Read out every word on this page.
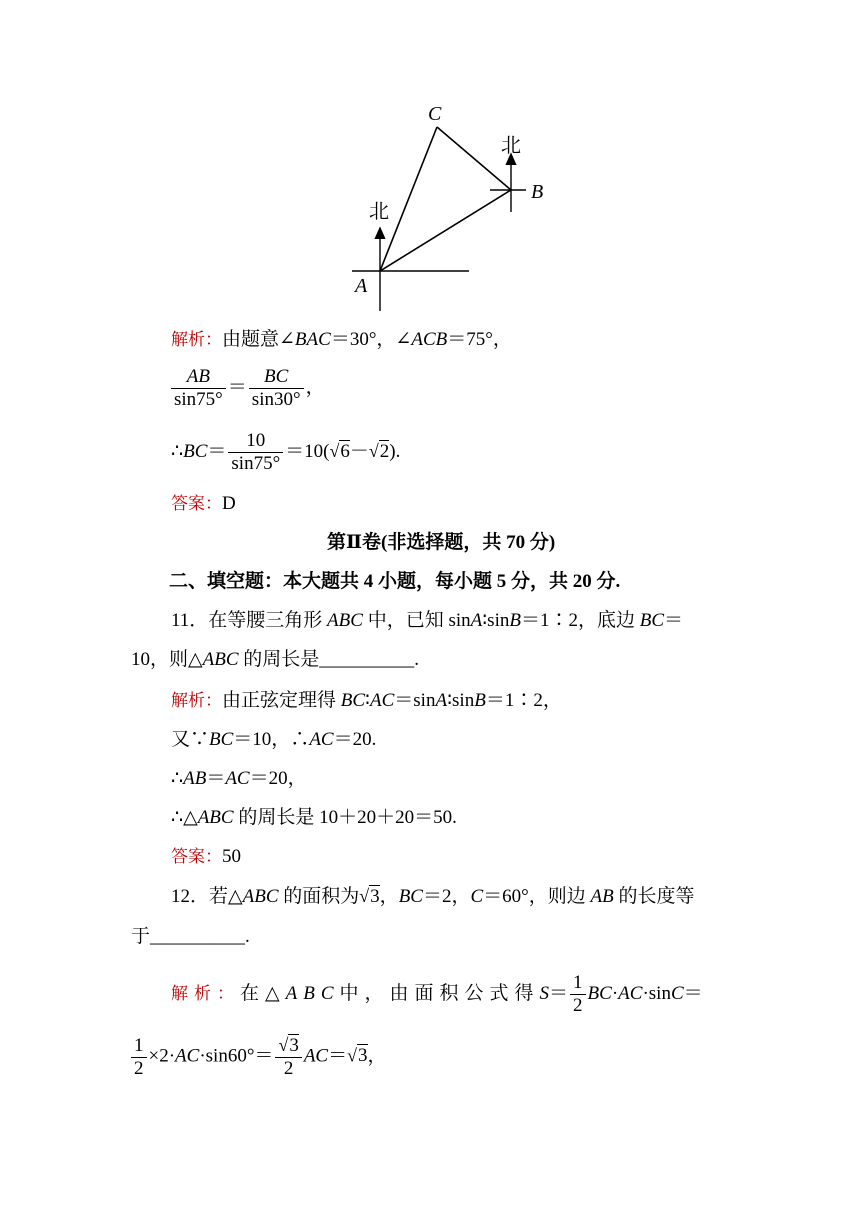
C
B
A
北
北
解析：由题意∠BAC＝30°，∠ACB＝75°，
$\frac{AB}{\sin 75^\circ} = \frac{BC}{\sin 30^\circ}$ ，
∴BC＝ $\frac{10}{\sin 75^\circ} =10(√6-√2)$.
答案：D
第Ⅱ卷(非选择题，共 70 分)
二、填空题：本大题共 4 小题，每小题 5 分，共 20 分.
11．在等腰三角形 ABC 中，已知 sinA∶sinB＝1∶2，底边 BC＝
10，则△ABC 的周长是__________.
解析：由正弦定理得 BC∶AC＝sinA∶sinB＝1∶2，
又∵BC＝10，∴AC＝20.
∴AB＝AC＝20，
∴△ABC 的周长是 10＋20＋20＝50.
答案：50
12．若△ABC 的面积为√3，BC＝2，C＝60°，则边 AB 的长度等
于__________.
解析：在△ABC中，由面积公式得$S= \frac{1}{2} BC\cdot AC\cdot\sin C=$
$\frac{1}{2} \times 2\cdot AC\cdot\sin 60^\circ= \frac{√3}{2} AC=√3$，
